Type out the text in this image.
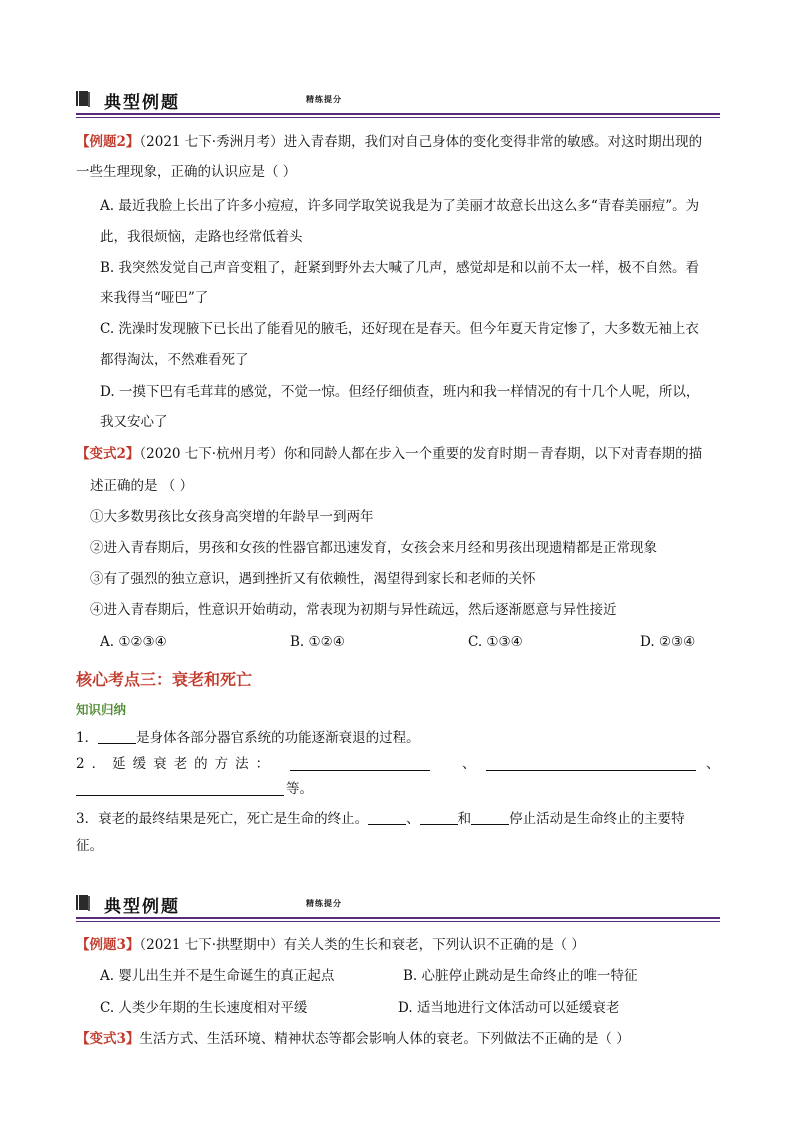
典型例题	精练提分
【例题2】（2021 七下·秀洲月考）进入青春期，我们对自己身体的变化变得非常的敏感。对这时期出现的
一些生理现象，正确的认识应是（ ）
A. 最近我脸上长出了许多小痘痘，许多同学取笑说我是为了美丽才故意长出这么多“青春美丽痘”。为
此，我很烦恼，走路也经常低着头
B. 我突然发觉自己声音变粗了，赶紧到野外去大喊了几声，感觉却是和以前不太一样，极不自然。看
来我得当“哑巴”了
C. 洗澡时发现腋下已长出了能看见的腋毛，还好现在是春天。但今年夏天肯定惨了，大多数无袖上衣
都得淘汰，不然难看死了
D. 一摸下巴有毛茸茸的感觉，不觉一惊。但经仔细侦查，班内和我一样情况的有十几个人呢，所以，
我又安心了
【变式2】（2020 七下·杭州月考）你和同龄人都在步入一个重要的发育时期－青春期，以下对青春期的描
述正确的是 （ ）
①大多数男孩比女孩身高突增的年龄早一到两年
②进入青春期后，男孩和女孩的性器官都迅速发育，女孩会来月经和男孩出现遗精都是正常现象
③有了强烈的独立意识，遇到挫折又有依赖性，渴望得到家长和老师的关怀
④进入青春期后，性意识开始萌动，常表现为初期与异性疏远，然后逐渐愿意与异性接近
A. ①②③④	B. ①②④	C. ①③④	D. ②③④
核心考点三：衰老和死亡
知识归纳
1．	是身体各部分器官系统的功能逐渐衰退的过程。
2．延缓衰老的方法：	、	、
等。
3．衰老的最终结果是死亡，死亡是生命的终止。	、	和	停止活动是生命终止的主要特
征。
典型例题	精练提分
【例题3】（2021 七下·拱墅期中）有关人类的生长和衰老，下列认识不正确的是（ ）
A. 婴儿出生并不是生命诞生的真正起点	B. 心脏停止跳动是生命终止的唯一特征
C. 人类少年期的生长速度相对平缓	D. 适当地进行文体活动可以延缓衰老
【变式3】生活方式、生活环境、精神状态等都会影响人体的衰老。下列做法不正确的是（ ）
